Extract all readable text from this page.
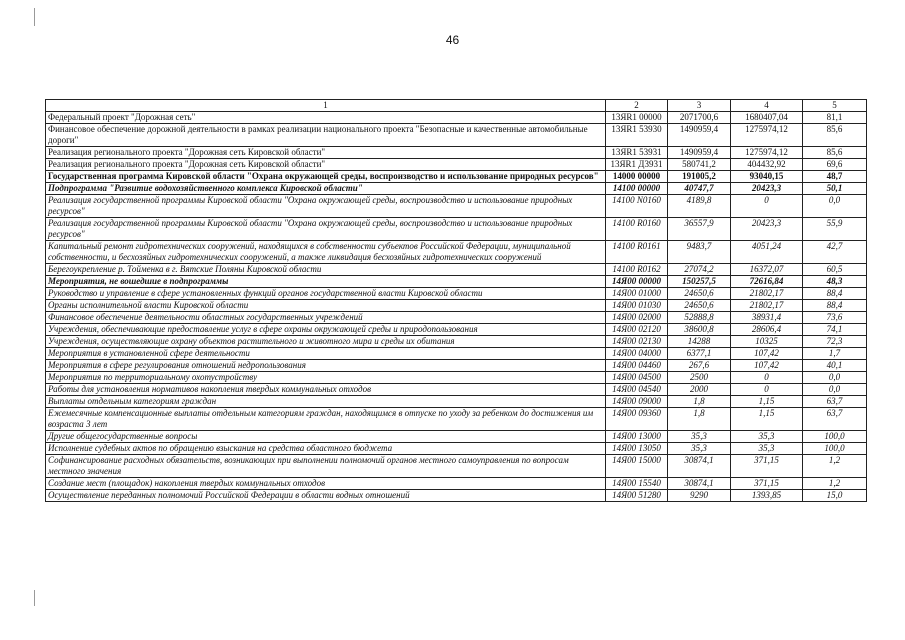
46
1	2	3	4	5
Федеральный проект "Дорожная сеть"	13ЯR1 00000	2071700,6	1680407,04	81,1
Финансовое обеспечение дорожной деятельности в рамках реализации национального проекта "Безопасные и качественные автомобильные дороги"	13ЯR1 53930	1490959,4	1275974,12	85,6
Реализация регионального проекта "Дорожная сеть Кировской области"	13ЯR1 53931	1490959,4	1275974,12	85,6
Реализация регионального проекта "Дорожная сеть Кировской области"	13ЯR1 Д3931	580741,2	404432,92	69,6
Государственная программа Кировской области "Охрана окружающей среды, воспроизводство и использование природных ресурсов"	14000 00000	191005,2	93040,15	48,7
Подпрограмма "Развитие водохозяйственного комплекса Кировской области"	14100 00000	40747,7	20423,3	50,1
Реализация государственной программы Кировской области "Охрана окружающей среды, воспроизводство и использование природных ресурсов"	14100 N0160	4189,8	0	0,0
Реализация государственной программы Кировской области "Охрана окружающей среды, воспроизводство и использование природных ресурсов"	14100 R0160	36557,9	20423,3	55,9
Капитальный ремонт гидротехнических сооружений, находящихся в собственности субъектов Российской Федерации, муниципальной собственности, и бесхозяйных гидротехнических сооружений, а также ликвидация бесхозяйных гидротехнических сооружений	14100 R0161	9483,7	4051,24	42,7
Берегоукрепление р. Тойменка в г. Вятские Поляны Кировской области	14100 R0162	27074,2	16372,07	60,5
Мероприятия, не вошедшие в подпрограммы	14Я00 00000	150257,5	72616,84	48,3
Руководство и управление в сфере установленных функций органов государственной власти Кировской области	14Я00 01000	24650,6	21802,17	88,4
Органы исполнительной власти Кировской области	14Я00 01030	24650,6	21802,17	88,4
Финансовое обеспечение деятельности областных государственных учреждений	14Я00 02000	52888,8	38931,4	73,6
Учреждения, обеспечивающие предоставление услуг в сфере охраны окружающей среды и природопользования	14Я00 02120	38600,8	28606,4	74,1
Учреждения, осуществляющие охрану объектов растительного и животного мира и среды их обитания	14Я00 02130	14288	10325	72,3
Мероприятия в установленной сфере деятельности	14Я00 04000	6377,1	107,42	1,7
Мероприятия в сфере регулирования отношений недропользования	14Я00 04460	267,6	107,42	40,1
Мероприятия по территориальному охотустройству	14Я00 04500	2500	0	0,0
Работы для установления нормативов накопления твердых коммунальных отходов	14Я00 04540	2000	0	0,0
Выплаты отдельным категориям граждан	14Я00 09000	1,8	1,15	63,7
Ежемесячные компенсационные выплаты отдельным категориям граждан, находящимся в отпуске по уходу за ребенком до достижения им возраста 3 лет	14Я00 09360	1,8	1,15	63,7
Другие общегосударственные вопросы	14Я00 13000	35,3	35,3	100,0
Исполнение судебных актов по обращению взыскания на средства областного бюджета	14Я00 13050	35,3	35,3	100,0
Софинансирование расходных обязательств, возникающих при выполнении полномочий органов местного самоуправления по вопросам местного значения	14Я00 15000	30874,1	371,15	1,2
Создание мест (площадок) накопления твердых коммунальных отходов	14Я00 15540	30874,1	371,15	1,2
Осуществление переданных полномочий Российской Федерации в области водных отношений	14Я00 51280	9290	1393,85	15,0
